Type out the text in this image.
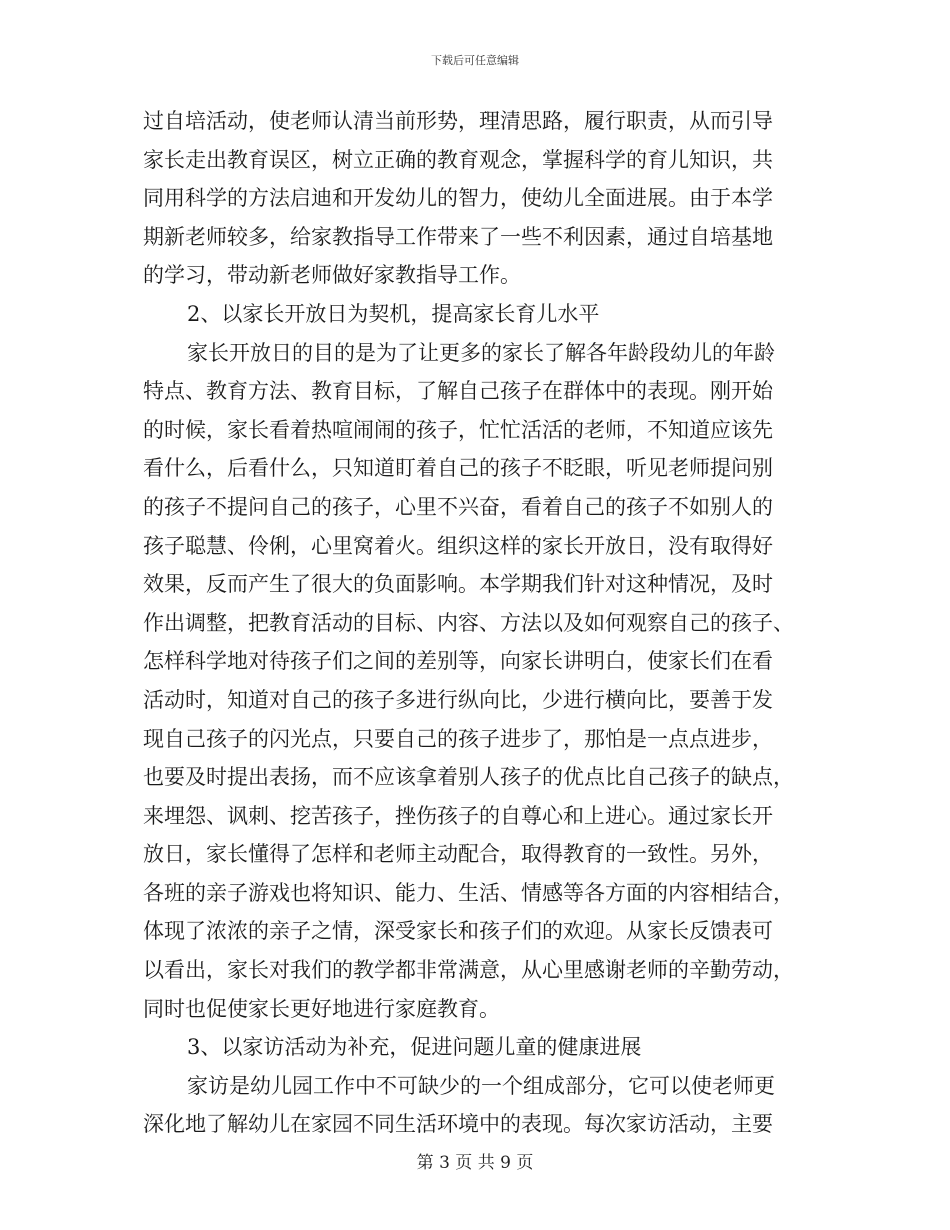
下载后可任意编辑
过自培活动，使老师认清当前形势，理清思路，履行职责，从而引导
家长走出教育误区，树立正确的教育观念，掌握科学的育儿知识，共
同用科学的方法启迪和开发幼儿的智力，使幼儿全面进展。由于本学
期新老师较多，给家教指导工作带来了一些不利因素，通过自培基地
的学习，带动新老师做好家教指导工作。
2、以家长开放日为契机，提高家长育儿水平
家长开放日的目的是为了让更多的家长了解各年龄段幼儿的年龄
特点、教育方法、教育目标，了解自己孩子在群体中的表现。刚开始
的时候，家长看着热喧闹闹的孩子，忙忙活活的老师，不知道应该先
看什么，后看什么，只知道盯着自己的孩子不眨眼，听见老师提问别
的孩子不提问自己的孩子，心里不兴奋，看着自己的孩子不如别人的
孩子聪慧、伶俐，心里窝着火。组织这样的家长开放日，没有取得好
效果，反而产生了很大的负面影响。本学期我们针对这种情况，及时
作出调整，把教育活动的目标、内容、方法以及如何观察自己的孩子、
怎样科学地对待孩子们之间的差别等，向家长讲明白，使家长们在看
活动时，知道对自己的孩子多进行纵向比，少进行横向比，要善于发
现自己孩子的闪光点，只要自己的孩子进步了，那怕是一点点进步，
也要及时提出表扬，而不应该拿着别人孩子的优点比自己孩子的缺点，
来埋怨、讽刺、挖苦孩子，挫伤孩子的自尊心和上进心。通过家长开
放日，家长懂得了怎样和老师主动配合，取得教育的一致性。另外，
各班的亲子游戏也将知识、能力、生活、情感等各方面的内容相结合，
体现了浓浓的亲子之情，深受家长和孩子们的欢迎。从家长反馈表可
以看出，家长对我们的教学都非常满意，从心里感谢老师的辛勤劳动，
同时也促使家长更好地进行家庭教育。
3、以家访活动为补充，促进问题儿童的健康进展
家访是幼儿园工作中不可缺少的一个组成部分，它可以使老师更
深化地了解幼儿在家园不同生活环境中的表现。每次家访活动，主要
第 3 页 共 9 页
